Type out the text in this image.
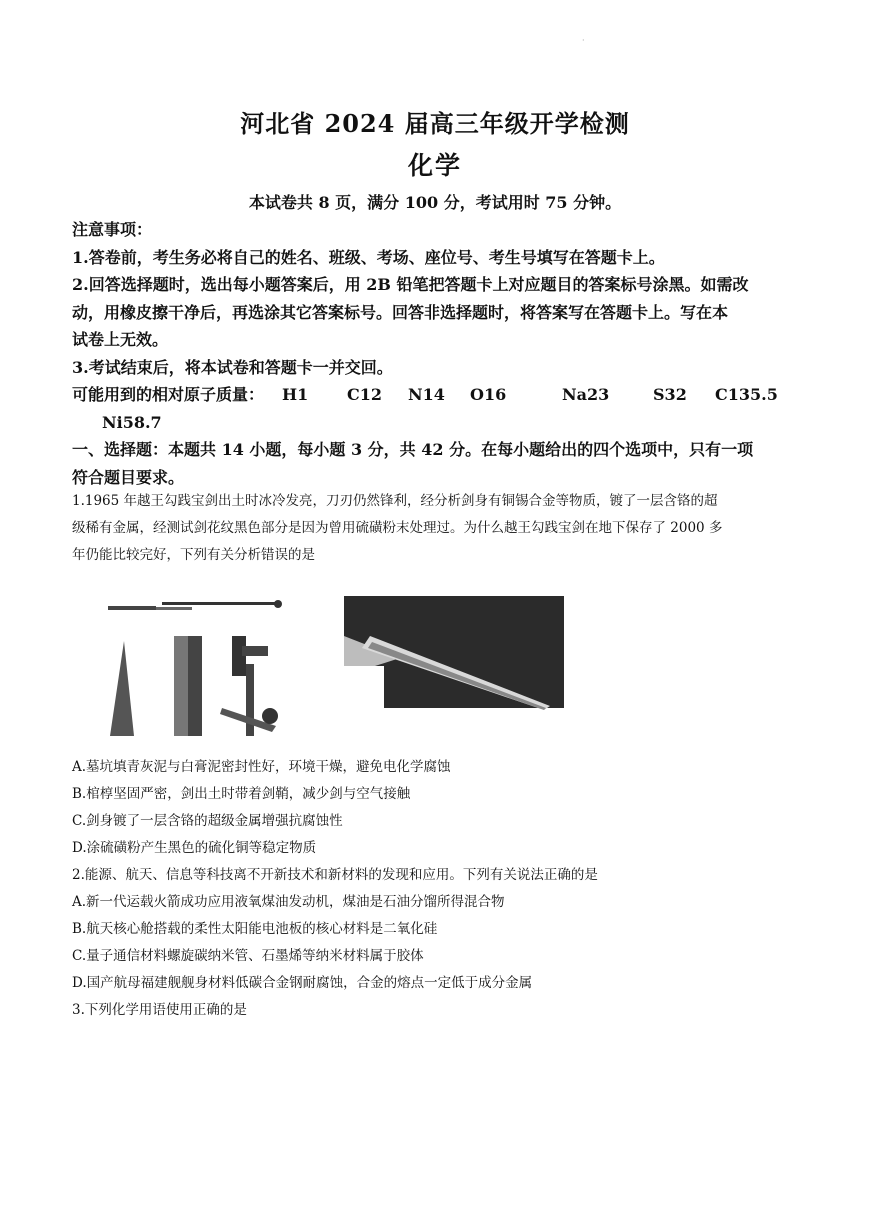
·
河北省 2024 届高三年级开学检测
化学
本试卷共 8 页，满分 100 分，考试用时 75 分钟。

注意事项：

1.答卷前，考生务必将自己的姓名、班级、考场、座位号、考生号填写在答题卡上。

2.回答选择题时，选出每小题答案后，用 2B 铅笔把答题卡上对应题目的答案标号涂黑。如需改

动，用橡皮擦干净后，再选涂其它答案标号。回答非选择题时，将答案写在答题卡上。写在本

试卷上无效。

3.考试结束后，将本试卷和答题卡一并交回。

可能用到的相对原子质量： H1 C12 N14 O16	Na23	S32 C135.5
Ni58.7

一、选择题：本题共 14 小题，每小题 3 分，共 42 分。在每小题给出的四个选项中，只有一项

符合题目要求。

1.1965 年越王勾践宝剑出土时冰冷发亮，刀刃仍然锋利，经分析剑身有铜锡合金等物质，镀了一层含铬的超

级稀有金属，经测试剑花纹黑色部分是因为曾用硫磺粉末处理过。为什么越王勾践宝剑在地下保存了 2000 多

年仍能比较完好，下列有关分析错误的是

A.墓坑填青灰泥与白膏泥密封性好，环境干燥，避免电化学腐蚀

B.棺椁坚固严密，剑出土时带着剑鞘，减少剑与空气接触

C.剑身镀了一层含铬的超级金属增强抗腐蚀性

D.涂硫磺粉产生黑色的硫化铜等稳定物质

2.能源、航天、信息等科技离不开新技术和新材料的发现和应用。下列有关说法正确的是

A.新一代运载火箭成功应用液氧煤油发动机，煤油是石油分馏所得混合物

B.航天核心舱搭载的柔性太阳能电池板的核心材料是二氧化硅

C.量子通信材料螺旋碳纳米管、石墨烯等纳米材料属于胶体

D.国产航母福建舰舰身材料低碳合金钢耐腐蚀，合金的熔点一定低于成分金属

3.下列化学用语使用正确的是
